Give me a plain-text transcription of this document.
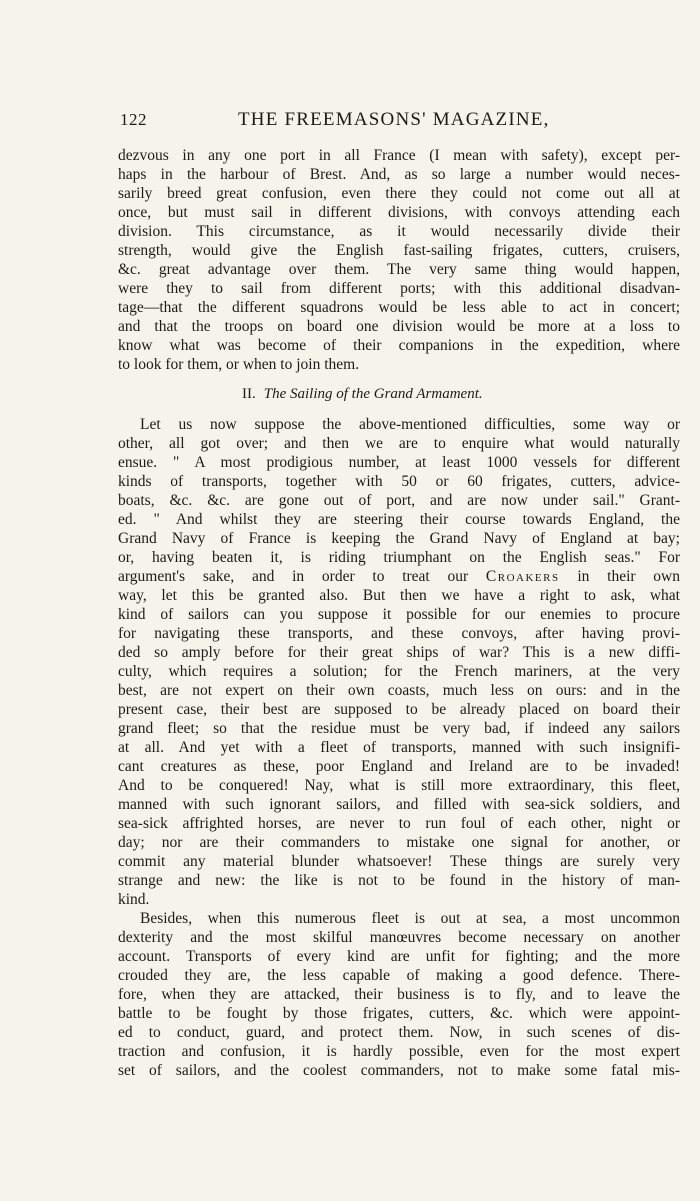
122	THE FREEMASONS' MAGAZINE,
dezvous in any one port in all France (I mean with safety), except per-
haps in the harbour of Brest. And, as so large a number would neces-
sarily breed great confusion, even there they could not come out all at
once, but must sail in different divisions, with convoys attending each
division. This circumstance, as it would necessarily divide their
strength, would give the English fast-sailing frigates, cutters, cruisers,
&c. great advantage over them. The very same thing would happen,
were they to sail from different ports; with this additional disadvan-
tage—that the different squadrons would be less able to act in concert;
and that the troops on board one division would be more at a loss to
know what was become of their companions in the expedition, where
to look for them, or when to join them.
II. The Sailing of the Grand Armament.
Let us now suppose the above-mentioned difficulties, some way or
other, all got over; and then we are to enquire what would naturally
ensue. " A most prodigious number, at least 1000 vessels for different
kinds of transports, together with 50 or 60 frigates, cutters, advice-
boats, &c. &c. are gone out of port, and are now under sail." Grant-
ed. " And whilst they are steering their course towards England, the
Grand Navy of France is keeping the Grand Navy of England at bay;
or, having beaten it, is riding triumphant on the English seas." For
argument's sake, and in order to treat our Croakers in their own
way, let this be granted also. But then we have a right to ask, what
kind of sailors can you suppose it possible for our enemies to procure
for navigating these transports, and these convoys, after having provi-
ded so amply before for their great ships of war? This is a new diffi-
culty, which requires a solution; for the French mariners, at the very
best, are not expert on their own coasts, much less on ours: and in the
present case, their best are supposed to be already placed on board their
grand fleet; so that the residue must be very bad, if indeed any sailors
at all. And yet with a fleet of transports, manned with such insignifi-
cant creatures as these, poor England and Ireland are to be invaded!
And to be conquered! Nay, what is still more extraordinary, this fleet,
manned with such ignorant sailors, and filled with sea-sick soldiers, and
sea-sick affrighted horses, are never to run foul of each other, night or
day; nor are their commanders to mistake one signal for another, or
commit any material blunder whatsoever! These things are surely very
strange and new: the like is not to be found in the history of man-
kind.
Besides, when this numerous fleet is out at sea, a most uncommon
dexterity and the most skilful manœuvres become necessary on another
account. Transports of every kind are unfit for fighting; and the more
crouded they are, the less capable of making a good defence. There-
fore, when they are attacked, their business is to fly, and to leave the
battle to be fought by those frigates, cutters, &c. which were appoint-
ed to conduct, guard, and protect them. Now, in such scenes of dis-
traction and confusion, it is hardly possible, even for the most expert
set of sailors, and the coolest commanders, not to make some fatal mis-
